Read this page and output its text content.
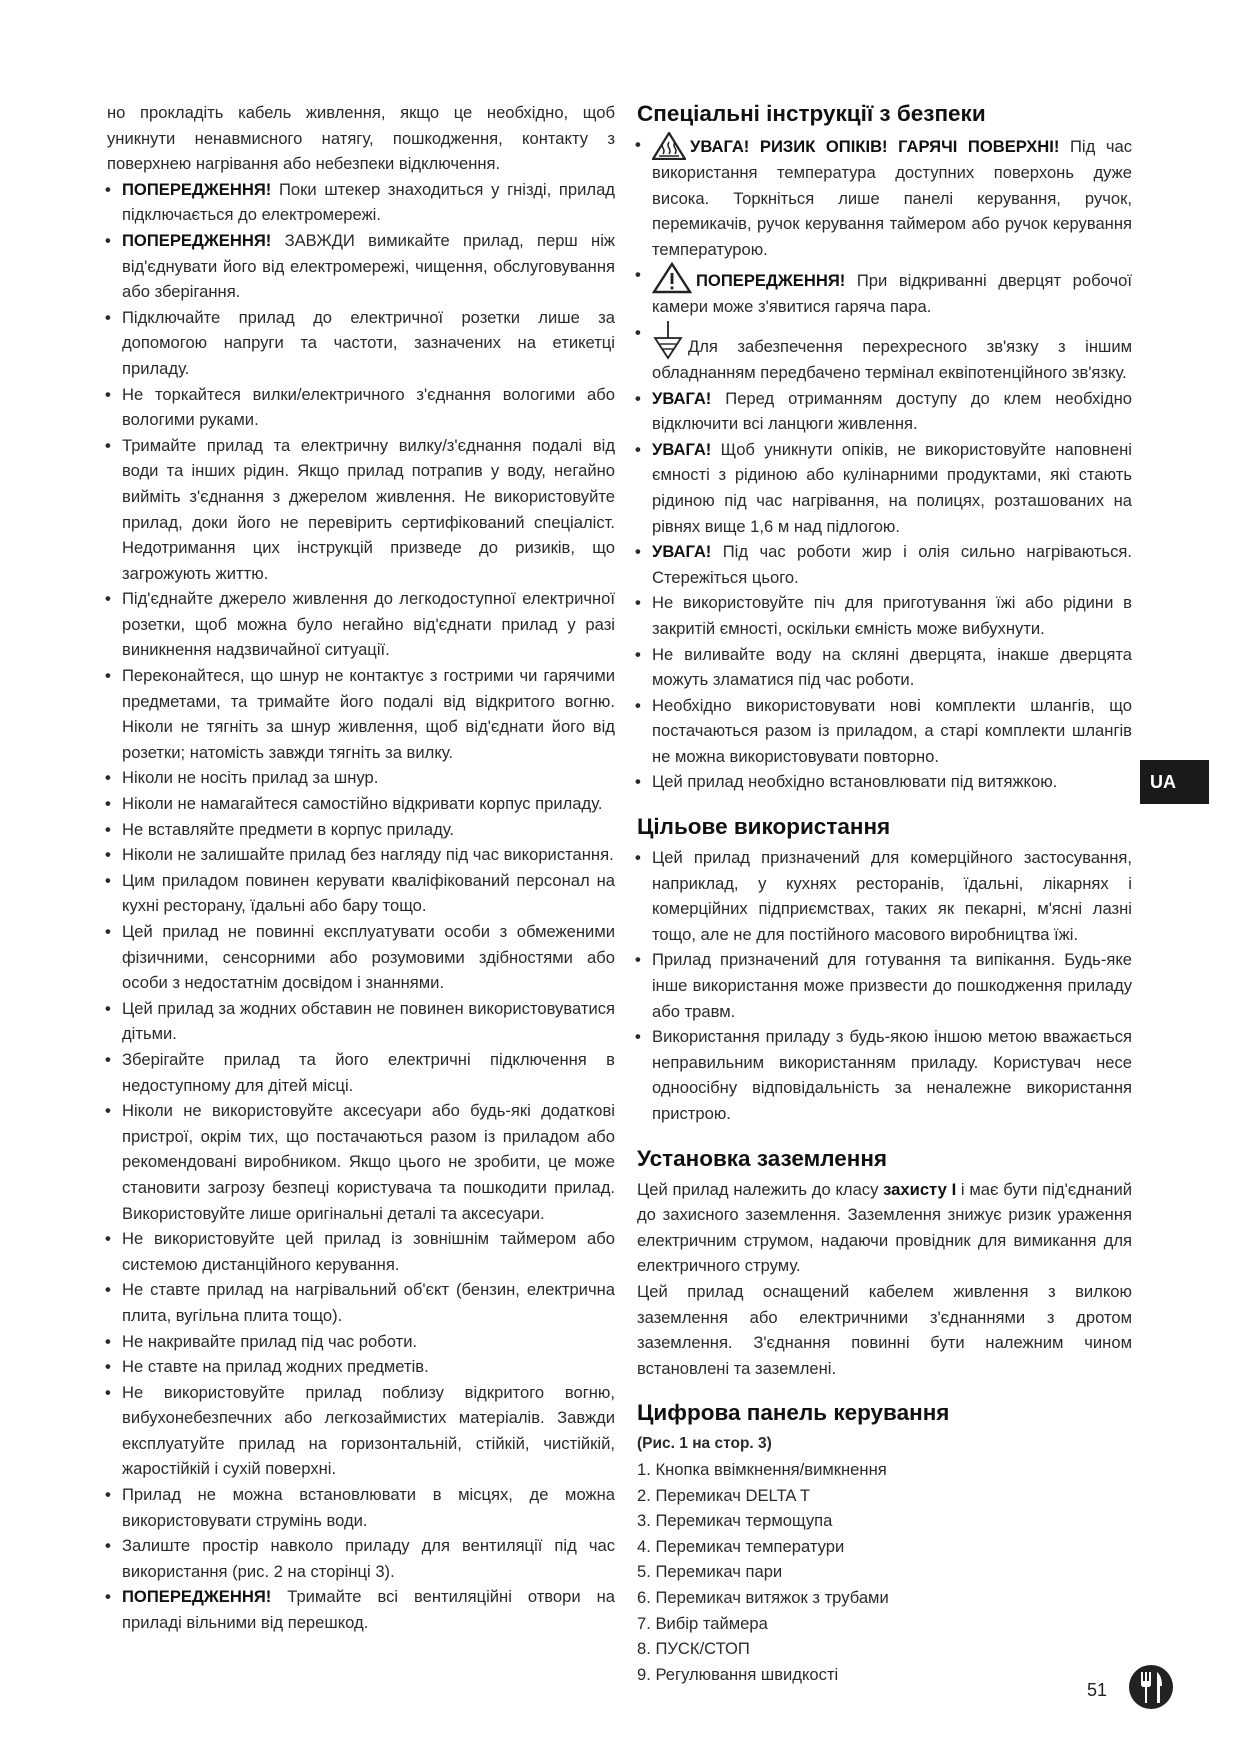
но прокладіть кабель живлення, якщо це необхідно, щоб уникнути ненавмисного натягу, пошкодження, контакту з поверхнею нагрівання або небезпеки відключення.

• ПОПЕРЕДЖЕННЯ! Поки штекер знаходиться у гнізді, прилад підключається до електромережі.

• ПОПЕРЕДЖЕННЯ! ЗАВЖДИ вимикайте прилад, перш ніж від'єднувати його від електромережі, чищення, обслуговування або зберігання.

• Підключайте прилад до електричної розетки лише за допомогою напруги та частоти, зазначених на етикетці приладу.

• Не торкайтеся вилки/електричного з'єднання вологими або вологими руками.

• Тримайте прилад та електричну вилку/з'єднання подалі від води та інших рідин. Якщо прилад потрапив у воду, негайно вийміть з'єднання з джерелом живлення. Не використовуйте прилад, доки його не перевірить сертифікований спеціаліст. Недотримання цих інструкцій призведе до ризиків, що загрожують життю.

• Під'єднайте джерело живлення до легкодоступної електричної розетки, щоб можна було негайно від'єднати прилад у разі виникнення надзвичайної ситуації.

• Переконайтеся, що шнур не контактує з гострими чи гарячими предметами, та тримайте його подалі від відкритого вогню. Ніколи не тягніть за шнур живлення, щоб від'єднати його від розетки; натомість завжди тягніть за вилку.

• Ніколи не носіть прилад за шнур.

• Ніколи не намагайтеся самостійно відкривати корпус приладу.

• Не вставляйте предмети в корпус приладу.

• Ніколи не залишайте прилад без нагляду під час використання.

• Цим приладом повинен керувати кваліфікований персонал на кухні ресторану, їдальні або бару тощо.

• Цей прилад не повинні експлуатувати особи з обмеженими фізичними, сенсорними або розумовими здібностями або особи з недостатнім досвідом і знаннями.

• Цей прилад за жодних обставин не повинен використовуватися дітьми.

• Зберігайте прилад та його електричні підключення в недоступному для дітей місці.

• Ніколи не використовуйте аксесуари або будь-які додаткові пристрої, окрім тих, що постачаються разом із приладом або рекомендовані виробником. Якщо цього не зробити, це може становити загрозу безпеці користувача та пошкодити прилад. Використовуйте лише оригінальні деталі та аксесуари.

• Не використовуйте цей прилад із зовнішнім таймером або системою дистанційного керування.

• Не ставте прилад на нагрівальний об'єкт (бензин, електрична плита, вугільна плита тощо).

• Не накривайте прилад під час роботи.

• Не ставте на прилад жодних предметів.

• Не використовуйте прилад поблизу відкритого вогню, вибухонебезпечних або легкозаймистих матеріалів. Завжди експлуатуйте прилад на горизонтальній, стійкій, чистійкій, жаростійкій і сухій поверхні.

• Прилад не можна встановлювати в місцях, де можна використовувати струмінь води.

• Залиште простір навколо приладу для вентиляції під час використання (рис. 2 на сторінці 3).

• ПОПЕРЕДЖЕННЯ! Тримайте всі вентиляційні отвори на приладі вільними від перешкод.

Спеціальні інструкції з безпеки

• УВАГА! РИЗИК ОПІКІВ! ГАРЯЧІ ПОВЕРХНІ! Під час використання температура доступних поверхонь дуже висока. Торкніться лише панелі керування, ручок, перемикачів, ручок керування таймером або ручок керування температурою.

• ПОПЕРЕДЖЕННЯ! При відкриванні дверцят робочої камери може з'явитися гаряча пара.

• Для забезпечення перехресного зв'язку з іншим обладнанням передбачено термінал еквіпотенційного зв'язку.

• УВАГА! Перед отриманням доступу до клем необхідно відключити всі ланцюги живлення.

• УВАГА! Щоб уникнути опіків, не використовуйте наповнені ємності з рідиною або кулінарними продуктами, які стають рідиною під час нагрівання, на полицях, розташованих на рівнях вище 1,6 м над підлогою.

• УВАГА! Під час роботи жир і олія сильно нагріваються. Стережіться цього.

• Не використовуйте піч для приготування їжі або рідини в закритій ємності, оскільки ємність може вибухнути.

• Не виливайте воду на скляні дверцята, інакше дверцята можуть зламатися під час роботи.

• Необхідно використовувати нові комплекти шлангів, що постачаються разом із приладом, а старі комплекти шлангів не можна використовувати повторно.

• Цей прилад необхідно встановлювати під витяжкою.

Цільове використання

• Цей прилад призначений для комерційного застосування, наприклад, у кухнях ресторанів, їдальні, лікарнях і комерційних підприємствах, таких як пекарні, м'ясні лазні тощо, але не для постійного масового виробництва їжі.

• Прилад призначений для готування та випікання. Будь-яке інше використання може призвести до пошкодження приладу або травм.

• Використання приладу з будь-якою іншою метою вважається неправильним використанням приладу. Користувач несе одноосібну відповідальність за неналежне використання пристрою.

Установка заземлення

Цей прилад належить до класу захисту I і має бути під'єднаний до захисного заземлення. Заземлення знижує ризик ураження електричним струмом, надаючи провідник для вимикання для електричного струму.

Цей прилад оснащений кабелем живлення з вилкою заземлення або електричними з'єднаннями з дротом заземлення. З'єднання повинні бути належним чином встановлені та заземлені.

Цифрова панель керування

(Рис. 1 на стор. 3)

1. Кнопка ввімкнення/вимкнення
2. Перемикач DELTA T
3. Перемикач термощупа
4. Перемикач температури
5. Перемикач пари
6. Перемикач витяжок з трубами
7. Вибір таймера
8. ПУСК/СТОП
9. Регулювання швидкості
UA
51
